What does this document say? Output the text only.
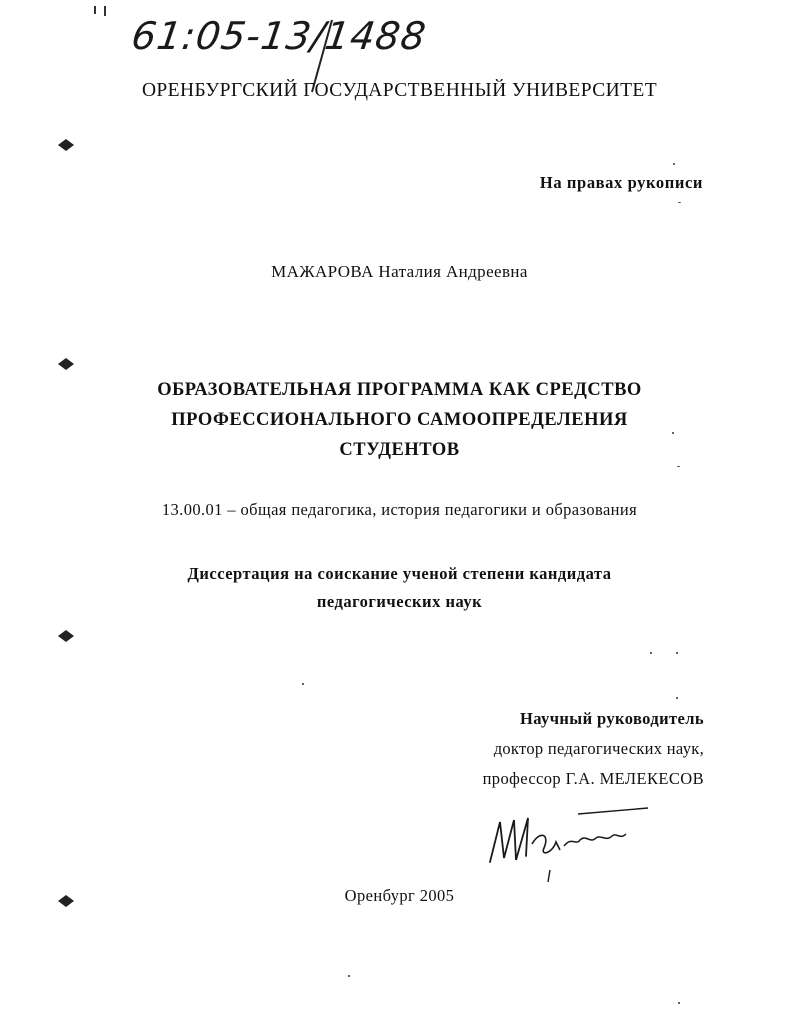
61:05-13/1488
ОРЕНБУРГСКИЙ ГОСУДАРСТВЕННЫЙ УНИВЕРСИТЕТ
На правах рукописи
МАЖАРОВА Наталия Андреевна
ОБРАЗОВАТЕЛЬНАЯ ПРОГРАММА КАК СРЕДСТВО
ПРОФЕССИОНАЛЬНОГО САМООПРЕДЕЛЕНИЯ
СТУДЕНТОВ
13.00.01 – общая педагогика, история педагогики и образования
Диссертация на соискание ученой степени кандидата
педагогических наук
Научный руководитель
доктор педагогических наук,
профессор Г.А. МЕЛЕКЕСОВ
Оренбург 2005
